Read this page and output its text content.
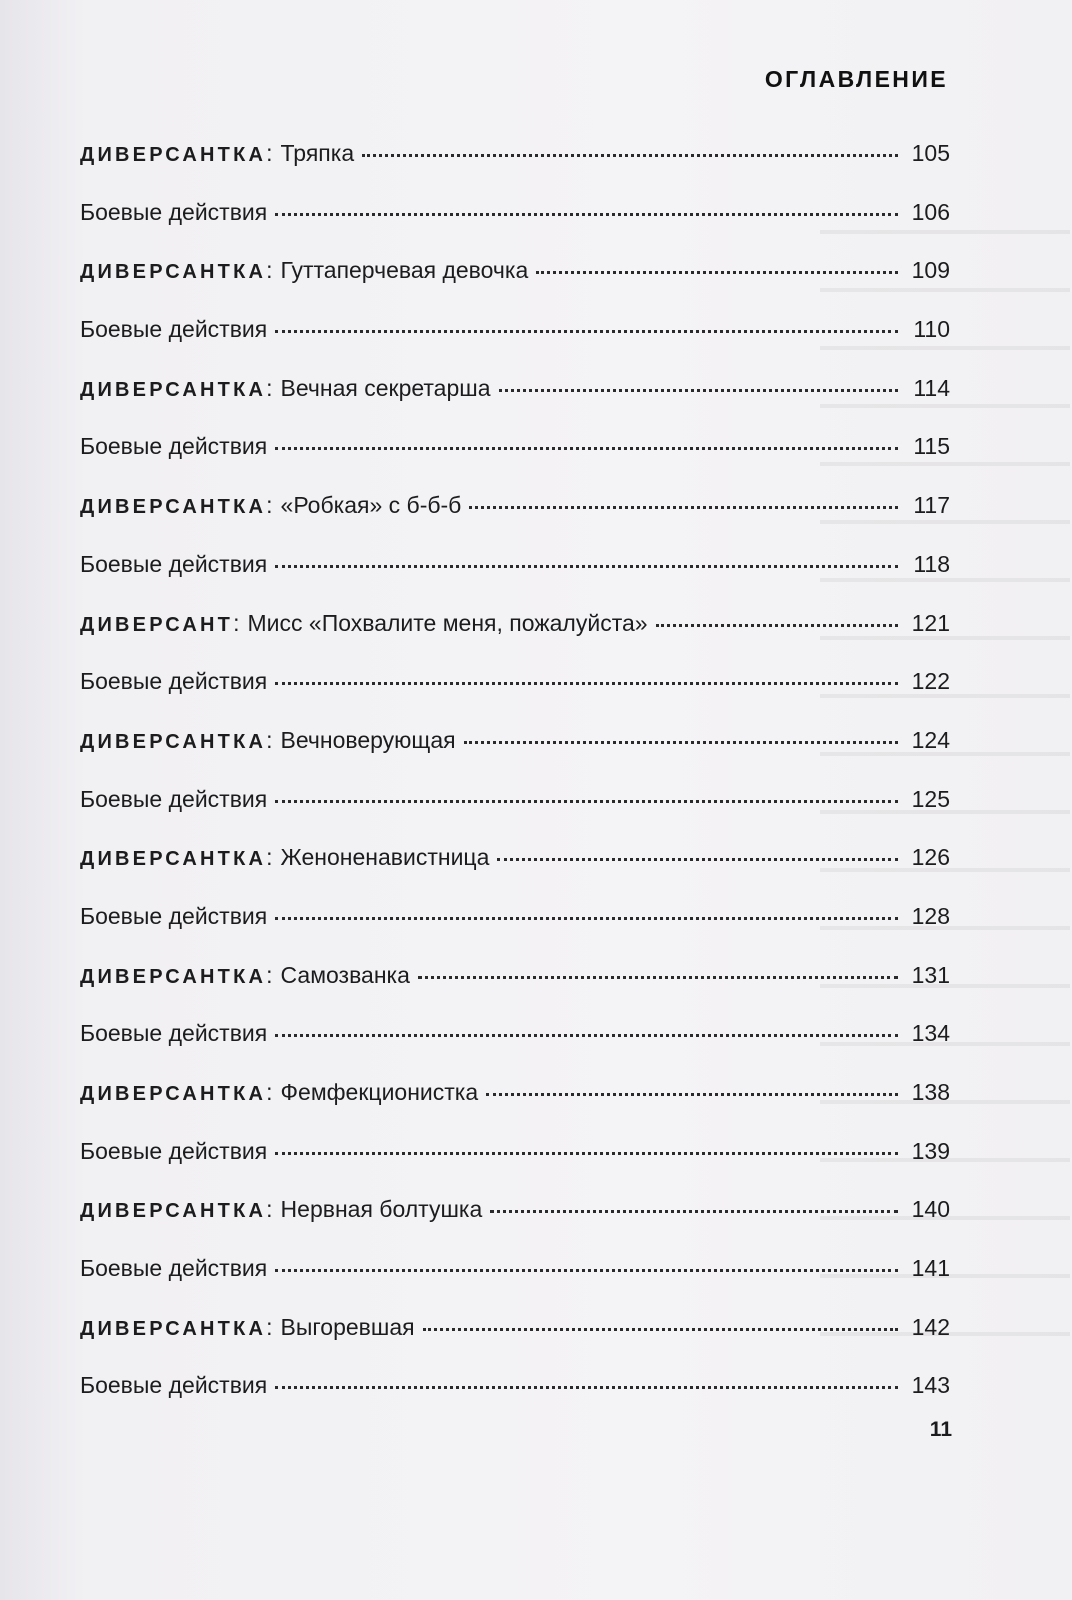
ОГЛАВЛЕНИЕ
ДИВЕРСАНТКА : Тряпка	105
Боевые действия	106
ДИВЕРСАНТКА : Гуттаперчевая девочка	109
Боевые действия	110
ДИВЕРСАНТКА : Вечная секретарша	114
Боевые действия	115
ДИВЕРСАНТКА : «Робкая» с б-б-б	117
Боевые действия	118
ДИВЕРСАНТ : Мисс «Похвалите меня, пожалуйста»	121
Боевые действия	122
ДИВЕРСАНТКА : Вечноверующая	124
Боевые действия	125
ДИВЕРСАНТКА : Женоненавистница	126
Боевые действия	128
ДИВЕРСАНТКА : Самозванка	131
Боевые действия	134
ДИВЕРСАНТКА : Фемфекционистка	138
Боевые действия	139
ДИВЕРСАНТКА : Нервная болтушка	140
Боевые действия	141
ДИВЕРСАНТКА : Выгоревшая	142
Боевые действия	143
11
